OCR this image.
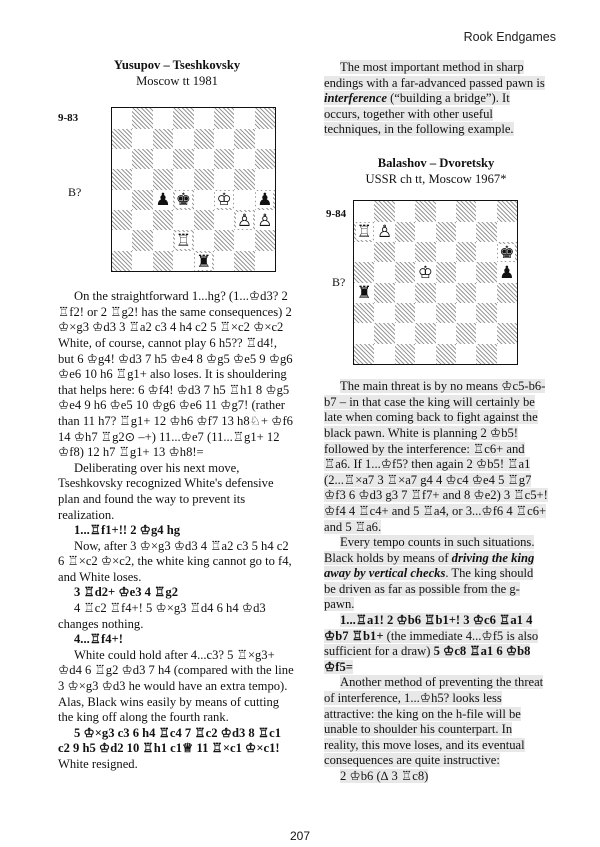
Rook Endgames

Yusupov – Tseshkovsky
Moscow tt 1981

9-83
B?	♟ ♚ ♔ ♟
♙ ♙
♖
♜

On the straightforward 1...hg? (1...♔d3? 2 ♖f2! or 2 ♖g2! has the same consequences) 2 ♔×g3 ♔d3 3 ♖a2 c3 4 h4 c2 5 ♖×c2 ♔×c2 White, of course, cannot play 6 h5?? ♖d4!, but 6 ♔g4! ♔d3 7 h5 ♔e4 8 ♔g5 ♔e5 9 ♔g6 ♔e6 10 h6 ♖g1+ also loses. It is shouldering that helps here: 6 ♔f4! ♔d3 7 h5 ♖h1 8 ♔g5 ♔e4 9 h6 ♔e5 10 ♔g6 ♔e6 11 ♔g7! (rather than 11 h7? ♖g1+ 12 ♔h6 ♔f7 13 h8♘+ ♔f6 14 ♔h7 ♖g2⊙ –+) 11...♔e7 (11...♖g1+ 12 ♔f8) 12 h7 ♖g1+ 13 ♔h8!=

Deliberating over his next move, Tseshkovsky recognized White's defensive plan and found the way to prevent its realization.

1...♖f1+!! 2 ♔g4 hg

Now, after 3 ♔×g3 ♔d3 4 ♖a2 c3 5 h4 c2 6 ♖×c2 ♔×c2, the white king cannot go to f4, and White loses.

3 ♖d2+ ♔e3 4 ♖g2

4 ♖c2 ♖f4+! 5 ♔×g3 ♖d4 6 h4 ♔d3 changes nothing.

4...♖f4+!

White could hold after 4...c3? 5 ♖×g3+ ♔d4 6 ♖g2 ♔d3 7 h4 (compared with the line 3 ♔×g3 ♔d3 he would have an extra tempo). Alas, Black wins easily by means of cutting the king off along the fourth rank.

5 ♔×g3 c3 6 h4 ♖c4 7 ♖c2 ♔d3 8 ♖c1 c2 9 h5 ♔d2 10 ♖h1 c1♕ 11 ♖×c1 ♔×c1! White resigned.

The most important method in sharp endings with a far-advanced passed pawn is interference (“building a bridge”). It occurs, together with other useful techniques, in the following example.

Balashov – Dvoretsky
USSR ch tt, Moscow 1967*

9-84
B?
♖ ♙
♚
♔	♟
♜

The main threat is by no means ♔c5-b6-b7 – in that case the king will certainly be late when coming back to fight against the black pawn. White is planning 2 ♔b5! followed by the interference: ♖c6+ and ♖a6. If 1...♔f5? then again 2 ♔b5! ♖a1 (2...♖×a7 3 ♖×a7 g4 4 ♔c4 ♔e4 5 ♖g7 ♔f3 6 ♔d3 g3 7 ♖f7+ and 8 ♔e2) 3 ♖c5+! ♔f4 4 ♖c4+ and 5 ♖a4, or 3...♔f6 4 ♖c6+ and 5 ♖a6.

Every tempo counts in such situations. Black holds by means of driving the king away by vertical checks. The king should be driven as far as possible from the g-pawn.

1...♖a1! 2 ♔b6 ♖b1+! 3 ♔c6 ♖a1 4 ♔b7 ♖b1+ (the immediate 4...♔f5 is also sufficient for a draw) 5 ♔c8 ♖a1 6 ♔b8 ♔f5=

Another method of preventing the threat of interference, 1...♔h5? looks less attractive: the king on the h-file will be unable to shoulder his counterpart. In reality, this move loses, and its eventual consequences are quite instructive:

2 ♔b6 (∆ 3 ♖c8)

207
